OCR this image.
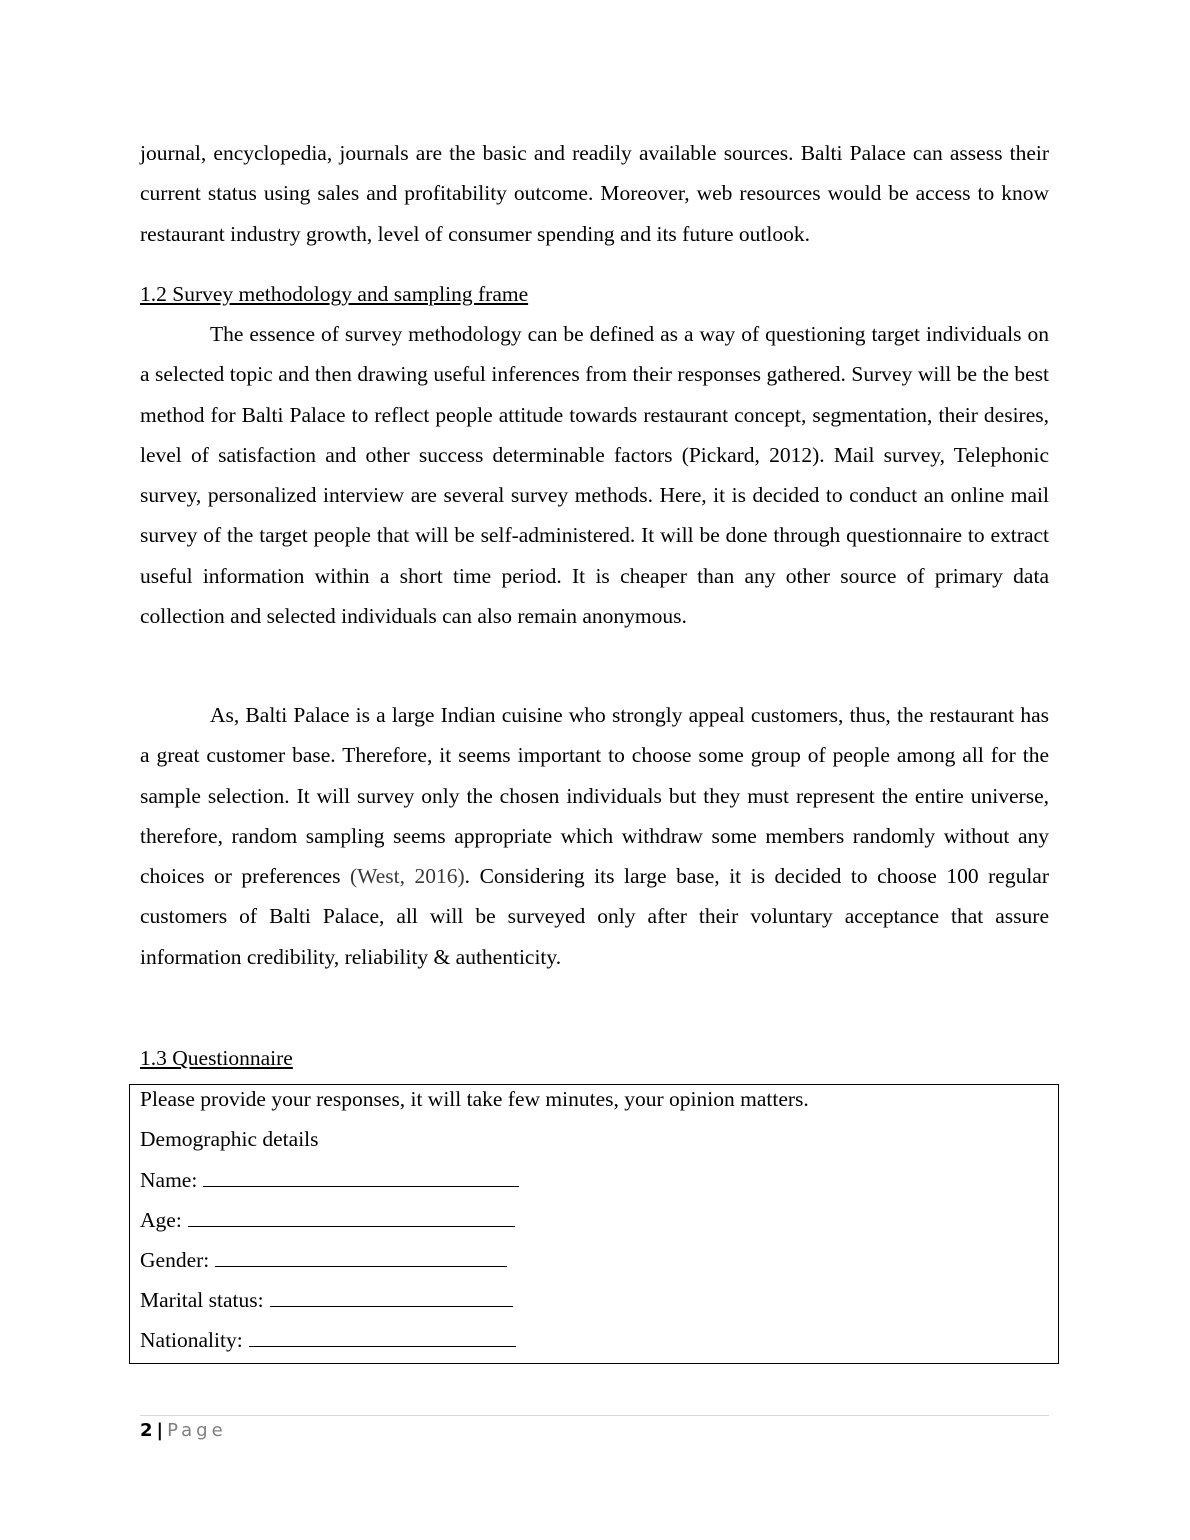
journal, encyclopedia, journals are the basic and readily available sources. Balti Palace can assess their current status using sales and profitability outcome. Moreover, web resources would be access to know restaurant industry growth, level of consumer spending and its future outlook.

1.2 Survey methodology and sampling frame

The essence of survey methodology can be defined as a way of questioning target individuals on a selected topic and then drawing useful inferences from their responses gathered. Survey will be the best method for Balti Palace to reflect people attitude towards restaurant concept, segmentation, their desires, level of satisfaction and other success determinable factors (Pickard, 2012). Mail survey, Telephonic survey, personalized interview are several survey methods. Here, it is decided to conduct an online mail survey of the target people that will be self-administered. It will be done through questionnaire to extract useful information within a short time period. It is cheaper than any other source of primary data collection and selected individuals can also remain anonymous.

As, Balti Palace is a large Indian cuisine who strongly appeal customers, thus, the restaurant has a great customer base. Therefore, it seems important to choose some group of people among all for the sample selection. It will survey only the chosen individuals but they must represent the entire universe, therefore, random sampling seems appropriate which withdraw some members randomly without any choices or preferences (West, 2016). Considering its large base, it is decided to choose 100 regular customers of Balti Palace, all will be surveyed only after their voluntary acceptance that assure information credibility, reliability & authenticity.

1.3 Questionnaire

Please provide your responses, it will take few minutes, your opinion matters.
Demographic details
Name:
Age:
Gender:
Marital status:
Nationality:
2 | Page
